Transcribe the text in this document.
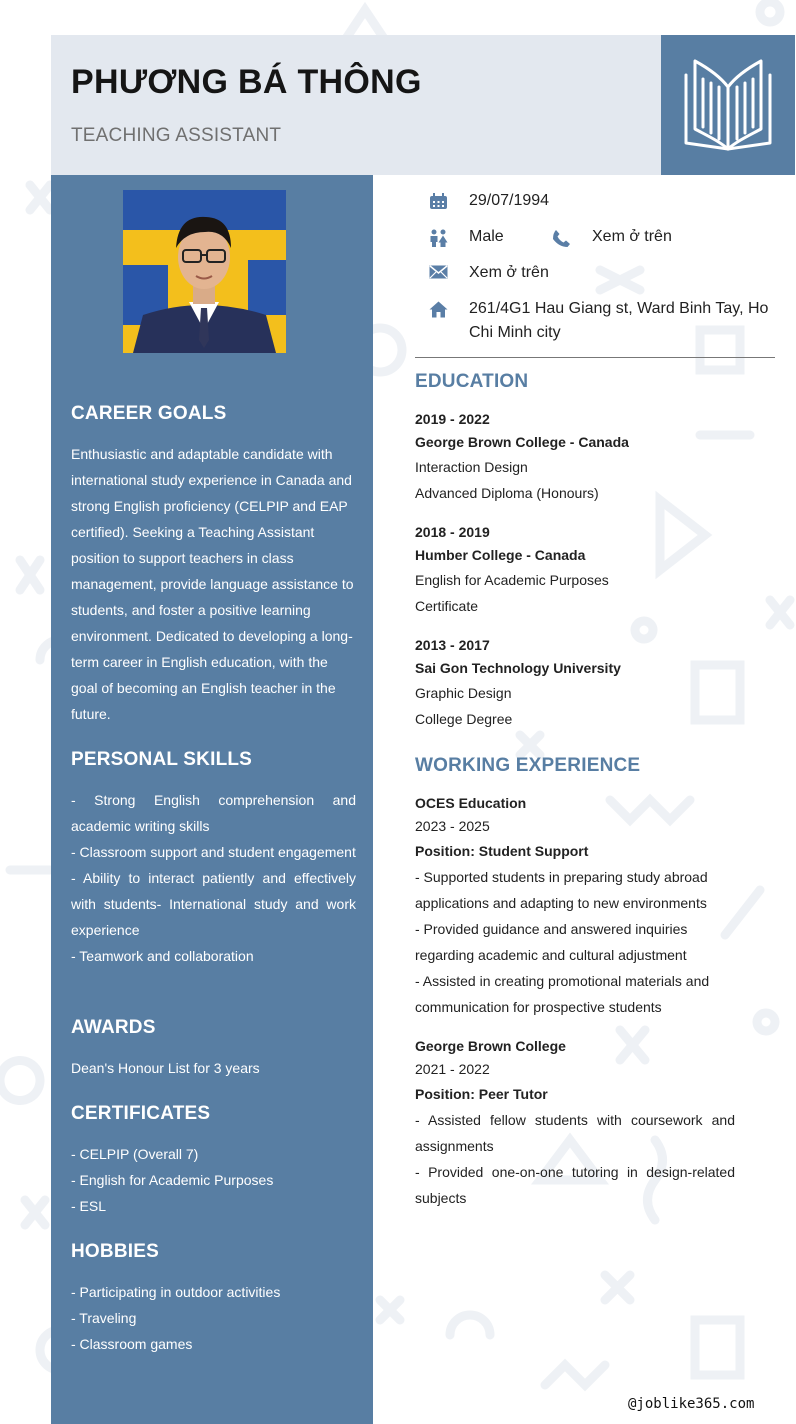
PHƯƠNG BÁ THÔNG
TEACHING ASSISTANT
CAREER GOALS
Enthusiastic and adaptable candidate with international study experience in Canada and strong English proficiency (CELPIP and EAP certified). Seeking a Teaching Assistant position to support teachers in class management, provide language assistance to students, and foster a positive learning environment. Dedicated to developing a long-term career in English education, with the goal of becoming an English teacher in the future.
PERSONAL SKILLS
- Strong English comprehension and academic writing skills
- Classroom support and student engagement
- Ability to interact patiently and effectively with students- International study and work experience
- Teamwork and collaboration
AWARDS
Dean's Honour List for 3 years
CERTIFICATES
- CELPIP (Overall 7)
- English for Academic Purposes
- ESL
HOBBIES
- Participating in outdoor activities
- Traveling
- Classroom games
29/07/1994
Male	Xem ở trên
Xem ở trên
261/4G1 Hau Giang st, Ward Binh Tay, Ho
Chi Minh city
EDUCATION
2019 - 2022
George Brown College - Canada
Interaction Design
Advanced Diploma (Honours)
2018 - 2019
Humber College - Canada
English for Academic Purposes
Certificate
2013 - 2017
Sai Gon Technology University
Graphic Design
College Degree
WORKING EXPERIENCE
OCES Education
2023 - 2025
Position: Student Support
- Supported students in preparing study abroad applications and adapting to new environments
- Provided guidance and answered inquiries regarding academic and cultural adjustment
- Assisted in creating promotional materials and communication for prospective students
George Brown College
2021 - 2022
Position: Peer Tutor
- Assisted fellow students with coursework and assignments
- Provided one-on-one tutoring in design-related subjects
@joblike365.com
